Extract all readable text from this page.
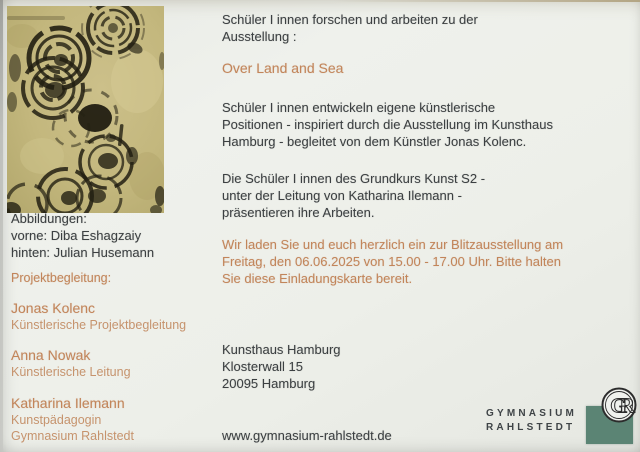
Abbildungen:
vorne: Diba Eshagzaiy
hinten: Julian Husemann
Projektbegleitung:
Jonas Kolenc
Künstlerische Projektbegleitung
Anna Nowak
Künstlerische Leitung
Katharina Ilemann
Kunstpädagogin
Gymnasium Rahlstedt
Schüler I innen forschen und arbeiten zu der
Ausstellung :
Over Land and Sea
Schüler I innen entwickeln eigene künstlerische
Positionen - inspiriert durch die Ausstellung im Kunsthaus
Hamburg - begleitet von dem Künstler Jonas Kolenc.
Die Schüler I innen des Grundkurs Kunst S2 -
unter der Leitung von Katharina Ilemann -
präsentieren ihre Arbeiten.
Wir laden Sie und euch herzlich ein zur Blitzausstellung am
Freitag, den 06.06.2025 von 15.00 - 17.00 Uhr. Bitte halten
Sie diese Einladungskarte bereit.
Kunsthaus Hamburg
Klosterwall 15
20095 Hamburg
www.gymnasium-rahlstedt.de
GYMNASIUM
RAHLSTEDT
GR
